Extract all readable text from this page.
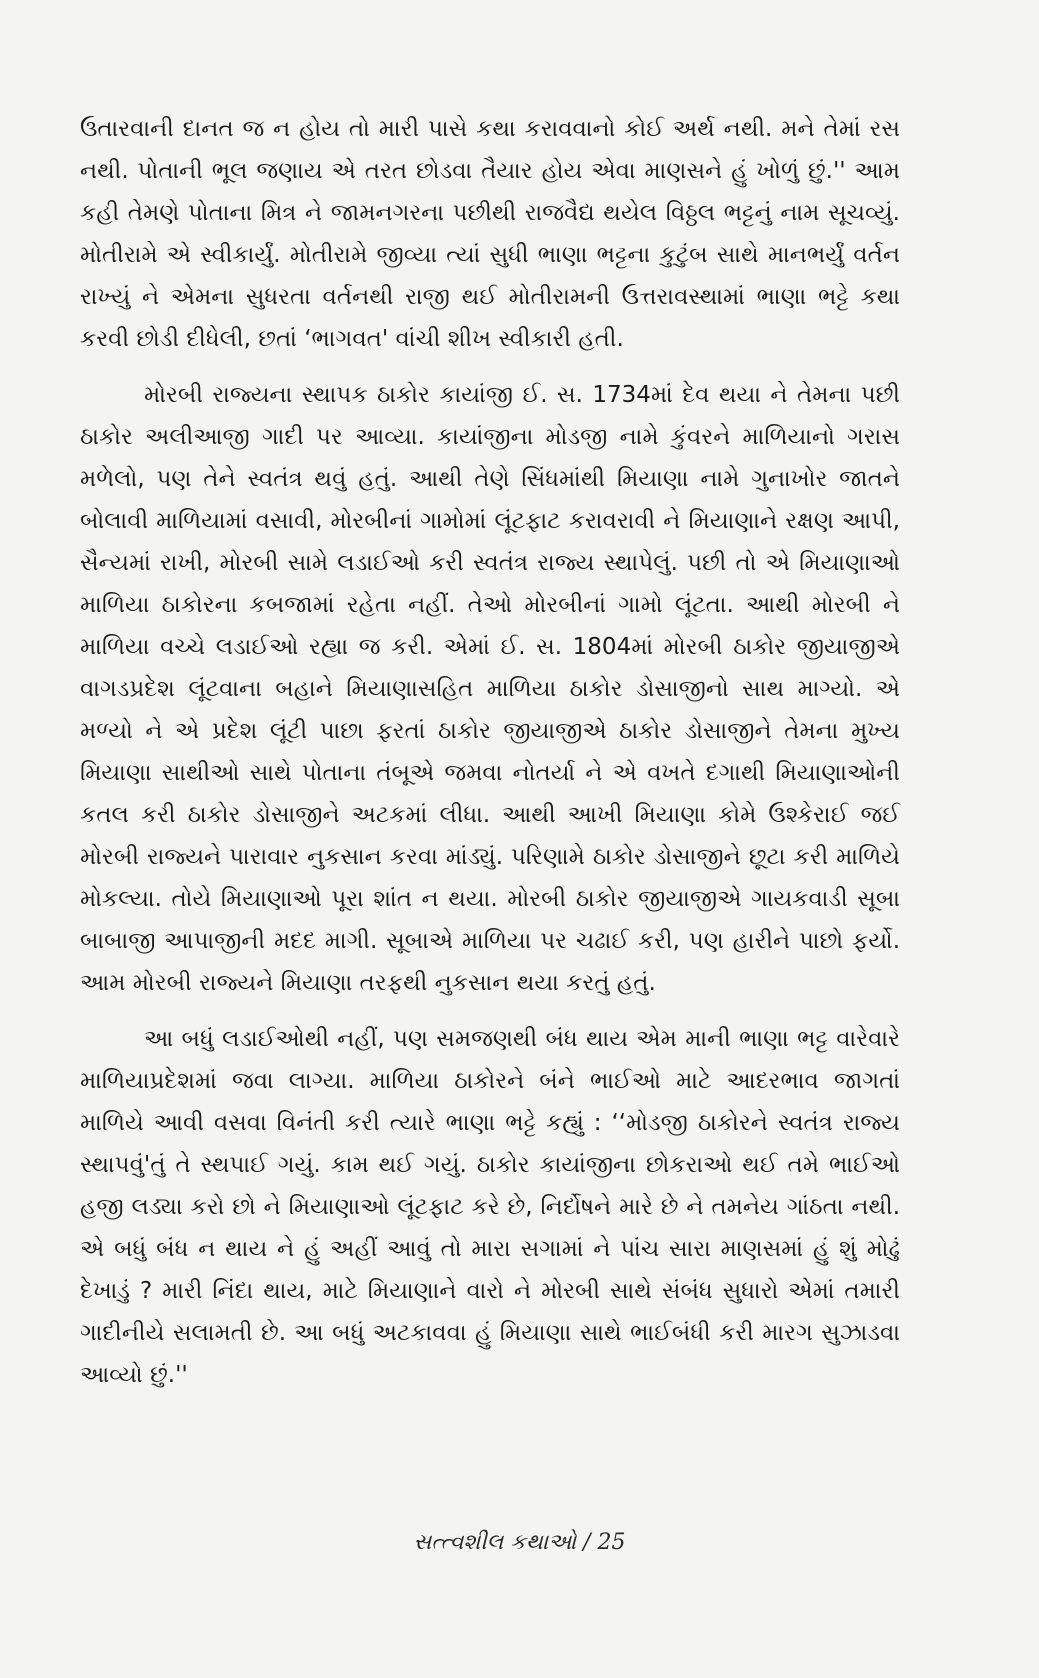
ઉતારવાની દાનત જ ન હોય તો મારી પાસે કથા કરાવવાનો કોઈ અર્થ નથી. મને તેમાં રસ નથી. પોતાની ભૂલ જણાય એ તરત છોડવા તૈયાર હોય એવા માણસને હું ખોળું છું.'' આમ કહી તેમણે પોતાના મિત્ર ને જામનગરના પછીથી રાજવૈદ્ય થયેલ વિઠ્ઠલ ભટ્ટનું નામ સૂચવ્યું. મોતીરામે એ સ્વીકાર્યું. મોતીરામે જીવ્યા ત્યાં સુધી ભાણા ભટ્ટના કુટુંબ સાથે માનભર્યું વર્તન રાખ્યું ને એમના સુધરતા વર્તનથી રાજી થઈ મોતીરામની ઉત્તરાવસ્થામાં ભાણા ભટ્ટે કથા કરવી છોડી દીધેલી, છતાં ‘ભાગવત' વાંચી શીખ સ્વીકારી હતી.

મોરબી રાજ્યના સ્થાપક ઠાકોર કાયાંજી ઈ. સ. 1734માં દેવ થયા ને તેમના પછી ઠાકોર અલીઆજી ગાદી પર આવ્યા. કાયાંજીના મોડજી નામે કુંવરને માળિયાનો ગરાસ મળેલો, પણ તેને સ્વતંત્ર થવું હતું. આથી તેણે સિંધમાંથી મિયાણા નામે ગુનાખોર જાતને બોલાવી માળિયામાં વસાવી, મોરબીનાં ગામોમાં લૂંટફાટ કરાવરાવી ને મિયાણાને રક્ષણ આપી, સૈન્યમાં રાખી, મોરબી સામે લડાઈઓ કરી સ્વતંત્ર રાજ્ય સ્થાપેલું. પછી તો એ મિયાણાઓ માળિયા ઠાકોરના કબજામાં રહેતા નહીં. તેઓ મોરબીનાં ગામો લૂંટતા. આથી મોરબી ને માળિયા વચ્ચે લડાઈઓ રહ્યા જ કરી. એમાં ઈ. સ. 1804માં મોરબી ઠાકોર જીયાજીએ વાગડપ્રદેશ લૂંટવાના બહાને મિયાણાસહિત માળિયા ઠાકોર ડોસાજીનો સાથ માગ્યો. એ મળ્યો ને એ પ્રદેશ લૂંટી પાછા ફરતાં ઠાકોર જીયાજીએ ઠાકોર ડોસાજીને તેમના મુખ્ય મિયાણા સાથીઓ સાથે પોતાના તંબૂએ જમવા નોતર્યા ને એ વખતે દગાથી મિયાણાઓની કતલ કરી ઠાકોર ડોસાજીને અટકમાં લીધા. આથી આખી મિયાણા કોમે ઉશ્કેરાઈ જઈ મોરબી રાજ્યને પારાવાર નુકસાન કરવા માંડ્યું. પરિણામે ઠાકોર ડોસાજીને છૂટા કરી માળિયે મોકલ્યા. તોયે મિયાણાઓ પૂરા શાંત ન થયા. મોરબી ઠાકોર જીયાજીએ ગાયકવાડી સૂબા બાબાજી આપાજીની મદદ માગી. સૂબાએ માળિયા પર ચઢાઈ કરી, પણ હારીને પાછો ફર્યો. આમ મોરબી રાજ્યને મિયાણા તરફથી નુકસાન થયા કરતું હતું.

આ બધું લડાઈઓથી નહીં, પણ સમજણથી બંધ થાય એમ માની ભાણા ભટ્ટ વારેવારે માળિયાપ્રદેશમાં જવા લાગ્યા. માળિયા ઠાકોરને બંને ભાઈઓ માટે આદરભાવ જાગતાં માળિયે આવી વસવા વિનંતી કરી ત્યારે ભાણા ભટ્ટે કહ્યું : ‘‘મોડજી ઠાકોરને સ્વતંત્ર રાજ્ય સ્થાપવું'તું તે સ્થપાઈ ગયું. કામ થઈ ગયું. ઠાકોર કાયાંજીના છોકરાઓ થઈ તમે ભાઈઓ હજી લડ્યા કરો છો ને મિયાણાઓ લૂંટફાટ કરે છે, નિર્દોષને મારે છે ને તમનેય ગાંઠતા નથી. એ બધું બંધ ન થાય ને હું અહીં આવું તો મારા સગામાં ને પાંચ સારા માણસમાં હું શું મોઢું દેખાડું ? મારી નિંદા થાય, માટે મિયાણાને વારો ને મોરબી સાથે સંબંધ સુધારો એમાં તમારી ગાદીનીયે સલામતી છે. આ બધું અટકાવવા હું મિયાણા સાથે ભાઈબંધી કરી મારગ સુઝાડવા આવ્યો છું.''

સત્ત્વશીલ કથાઓ / 25
